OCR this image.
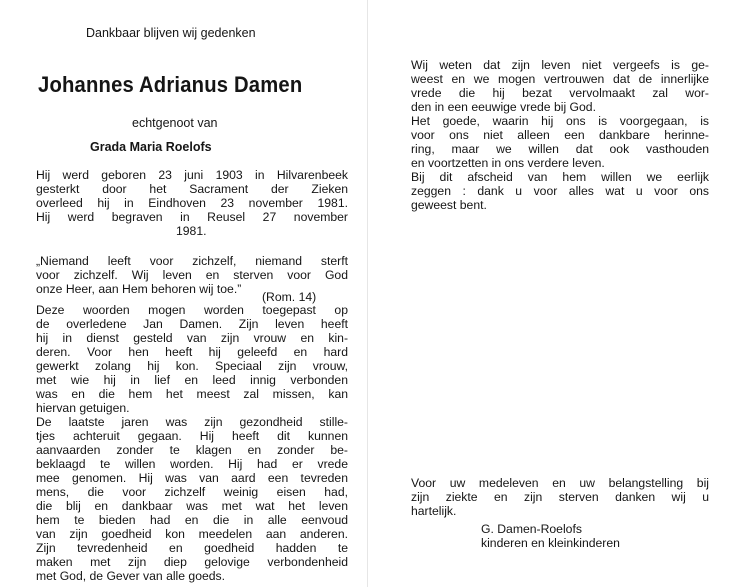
Dankbaar blijven wij gedenken
Johannes Adrianus Damen
echtgenoot van
Grada Maria Roelofs
Hij werd geboren 23 juni 1903 in Hilvarenbeek
gesterkt door het Sacrament der Zieken
overleed hij in Eindhoven 23 november 1981.
Hij werd begraven in Reusel 27 november
1981.
„Niemand leeft voor zichzelf, niemand sterft
voor zichzelf. Wij leven en sterven voor God
onze Heer, aan Hem behoren wij toe.”
(Rom. 14)
Deze woorden mogen worden toegepast op
de overledene Jan Damen. Zijn leven heeft
hij in dienst gesteld van zijn vrouw en kin-
deren. Voor hen heeft hij geleefd en hard
gewerkt zolang hij kon. Speciaal zijn vrouw,
met wie hij in lief en leed innig verbonden
was en die hem het meest zal missen, kan
hiervan getuigen.
De laatste jaren was zijn gezondheid stille-
tjes achteruit gegaan. Hij heeft dit kunnen
aanvaarden zonder te klagen en zonder be-
beklaagd te willen worden. Hij had er vrede
mee genomen. Hij was van aard een tevreden
mens, die voor zichzelf weinig eisen had,
die blij en dankbaar was met wat het leven
hem te bieden had en die in alle eenvoud
van zijn goedheid kon meedelen aan anderen.
Zijn tevredenheid en goedheid hadden te
maken met zijn diep gelovige verbondenheid
met God, de Gever van alle goeds.
Wij weten dat zijn leven niet vergeefs is ge-
weest en we mogen vertrouwen dat de innerlijke
vrede die hij bezat vervolmaakt zal wor-
den in een eeuwige vrede bij God.
Het goede, waarin hij ons is voorgegaan, is
voor ons niet alleen een dankbare herinne-
ring, maar we willen dat ook vasthouden
en voortzetten in ons verdere leven.
Bij dit afscheid van hem willen we eerlijk
zeggen : dank u voor alles wat u voor ons
geweest bent.
Voor uw medeleven en uw belangstelling bij
zijn ziekte en zijn sterven danken wij u
hartelijk.
G. Damen-Roelofs
kinderen en kleinkinderen
